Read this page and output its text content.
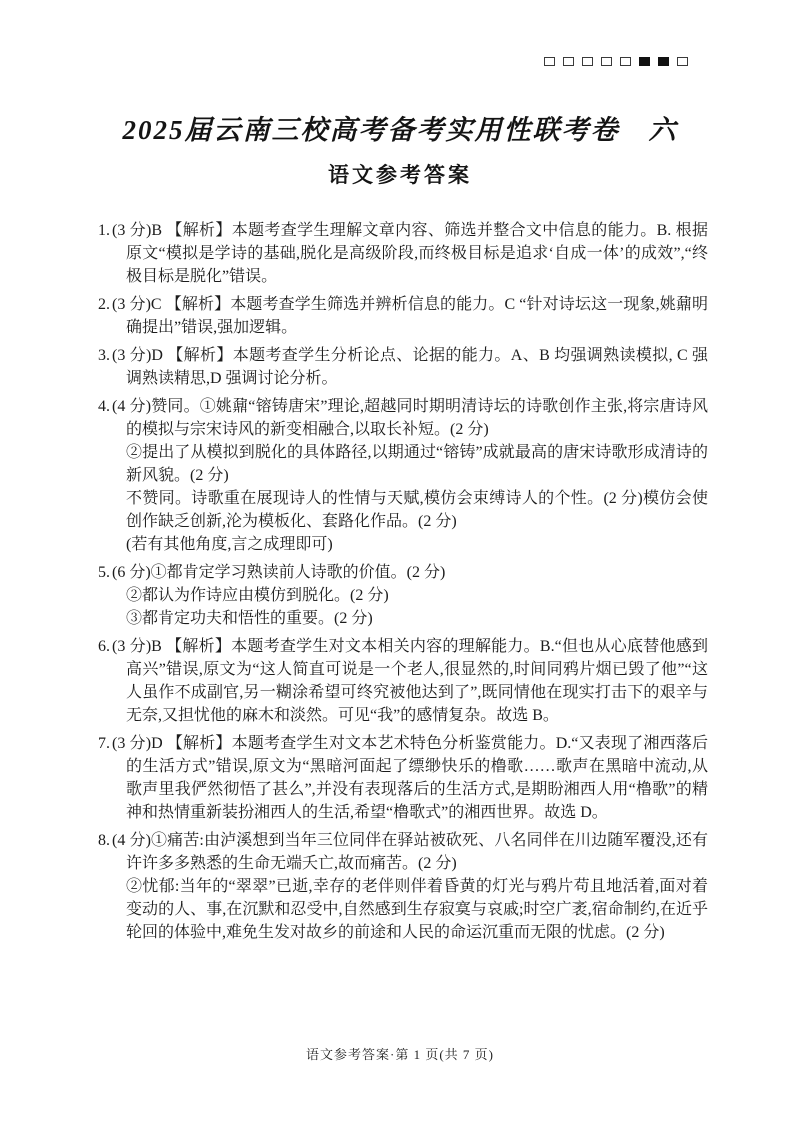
2025届云南三校高考备考实用性联考卷　六
语文参考答案

1. (3 分)B 【解析】本题考查学生理解文章内容、筛选并整合文中信息的能力。B. 根据原文“模拟是学诗的基础,脱化是高级阶段,而终极目标是追求‘自成一体’的成效”,“终极目标是脱化”错误。

2. (3 分)C 【解析】本题考查学生筛选并辨析信息的能力。C “针对诗坛这一现象,姚鼐明确提出”错误,强加逻辑。

3. (3 分)D 【解析】本题考查学生分析论点、论据的能力。A、B 均强调熟读模拟, C 强调熟读精思,D 强调讨论分析。

4. (4 分)赞同。①姚鼐“镕铸唐宋”理论,超越同时期明清诗坛的诗歌创作主张,将宗唐诗风的模拟与宗宋诗风的新变相融合,以取长补短。(2 分)

②提出了从模拟到脱化的具体路径,以期通过“镕铸”成就最高的唐宋诗歌形成清诗的新风貌。(2 分)

不赞同。诗歌重在展现诗人的性情与天赋,模仿会束缚诗人的个性。(2 分)模仿会使创作缺乏创新,沦为模板化、套路化作品。(2 分)

(若有其他角度,言之成理即可)

5. (6 分)①都肯定学习熟读前人诗歌的价值。(2 分)

②都认为作诗应由模仿到脱化。(2 分)

③都肯定功夫和悟性的重要。(2 分)

6. (3 分)B 【解析】本题考查学生对文本相关内容的理解能力。B.“但也从心底替他感到高兴”错误,原文为“这人简直可说是一个老人,很显然的,时间同鸦片烟已毁了他”“这人虽作不成副官,另一糊涂希望可终究被他达到了”,既同情他在现实打击下的艰辛与无奈,又担忧他的麻木和淡然。可见“我”的感情复杂。故选 B。

7. (3 分)D 【解析】本题考查学生对文本艺术特色分析鉴赏能力。D.“又表现了湘西落后的生活方式”错误,原文为“黑暗河面起了缥缈快乐的橹歌……歌声在黑暗中流动,从歌声里我俨然彻悟了甚么”,并没有表现落后的生活方式,是期盼湘西人用“橹歌”的精神和热情重新装扮湘西人的生活,希望“橹歌式”的湘西世界。故选 D。

8. (4 分)①痛苦:由泸溪想到当年三位同伴在驿站被砍死、八名同伴在川边随军覆没,还有许许多多熟悉的生命无端夭亡,故而痛苦。(2 分)

②忧郁:当年的“翠翠”已逝,幸存的老伴则伴着昏黄的灯光与鸦片苟且地活着,面对着变动的人、事,在沉默和忍受中,自然感到生存寂寞与哀戚;时空广袤,宿命制约,在近乎轮回的体验中,难免生发对故乡的前途和人民的命运沉重而无限的忧虑。(2 分)

语文参考答案·第 1 页(共 7 页)
